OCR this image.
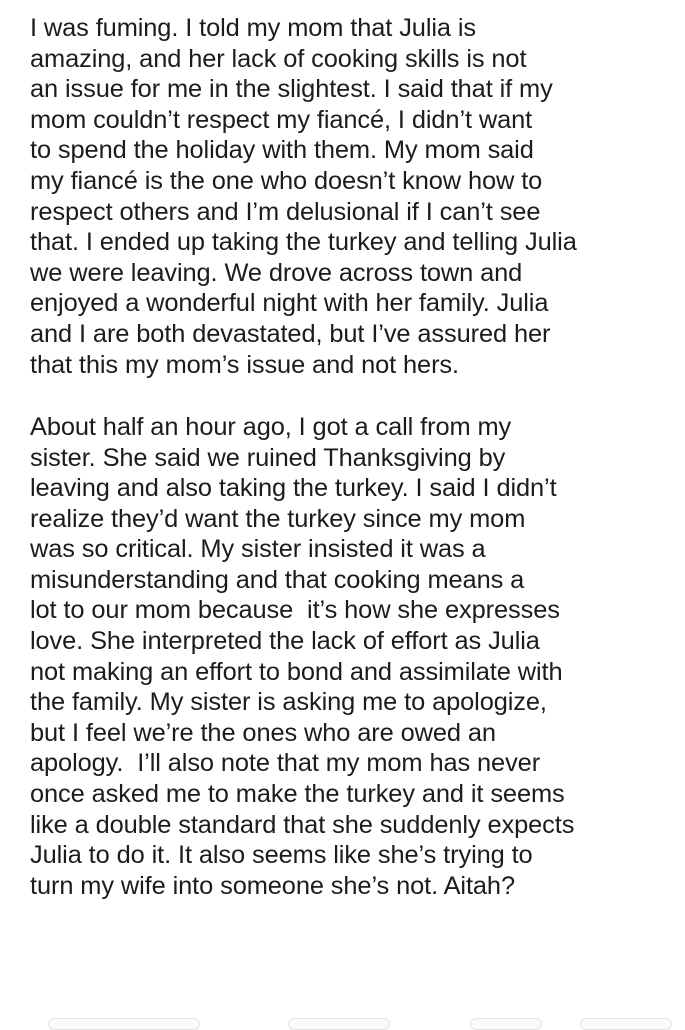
I was fuming. I told my mom that Julia is
amazing, and her lack of cooking skills is not
an issue for me in the slightest. I said that if my
mom couldn’t respect my fiancé, I didn’t want
to spend the holiday with them. My mom said
my fiancé is the one who doesn’t know how to
respect others and I’m delusional if I can’t see
that. I ended up taking the turkey and telling Julia
we were leaving. We drove across town and
enjoyed a wonderful night with her family. Julia
and I are both devastated, but I’ve assured her
that this my mom’s issue and not hers.
About half an hour ago, I got a call from my
sister. She said we ruined Thanksgiving by
leaving and also taking the turkey. I said I didn’t
realize they’d want the turkey since my mom
was so critical. My sister insisted it was a
misunderstanding and that cooking means a
lot to our mom because  it’s how she expresses
love. She interpreted the lack of effort as Julia
not making an effort to bond and assimilate with
the family. My sister is asking me to apologize,
but I feel we’re the ones who are owed an
apology.  I’ll also note that my mom has never
once asked me to make the turkey and it seems
like a double standard that she suddenly expects
Julia to do it. It also seems like she’s trying to
turn my wife into someone she’s not. Aitah?
